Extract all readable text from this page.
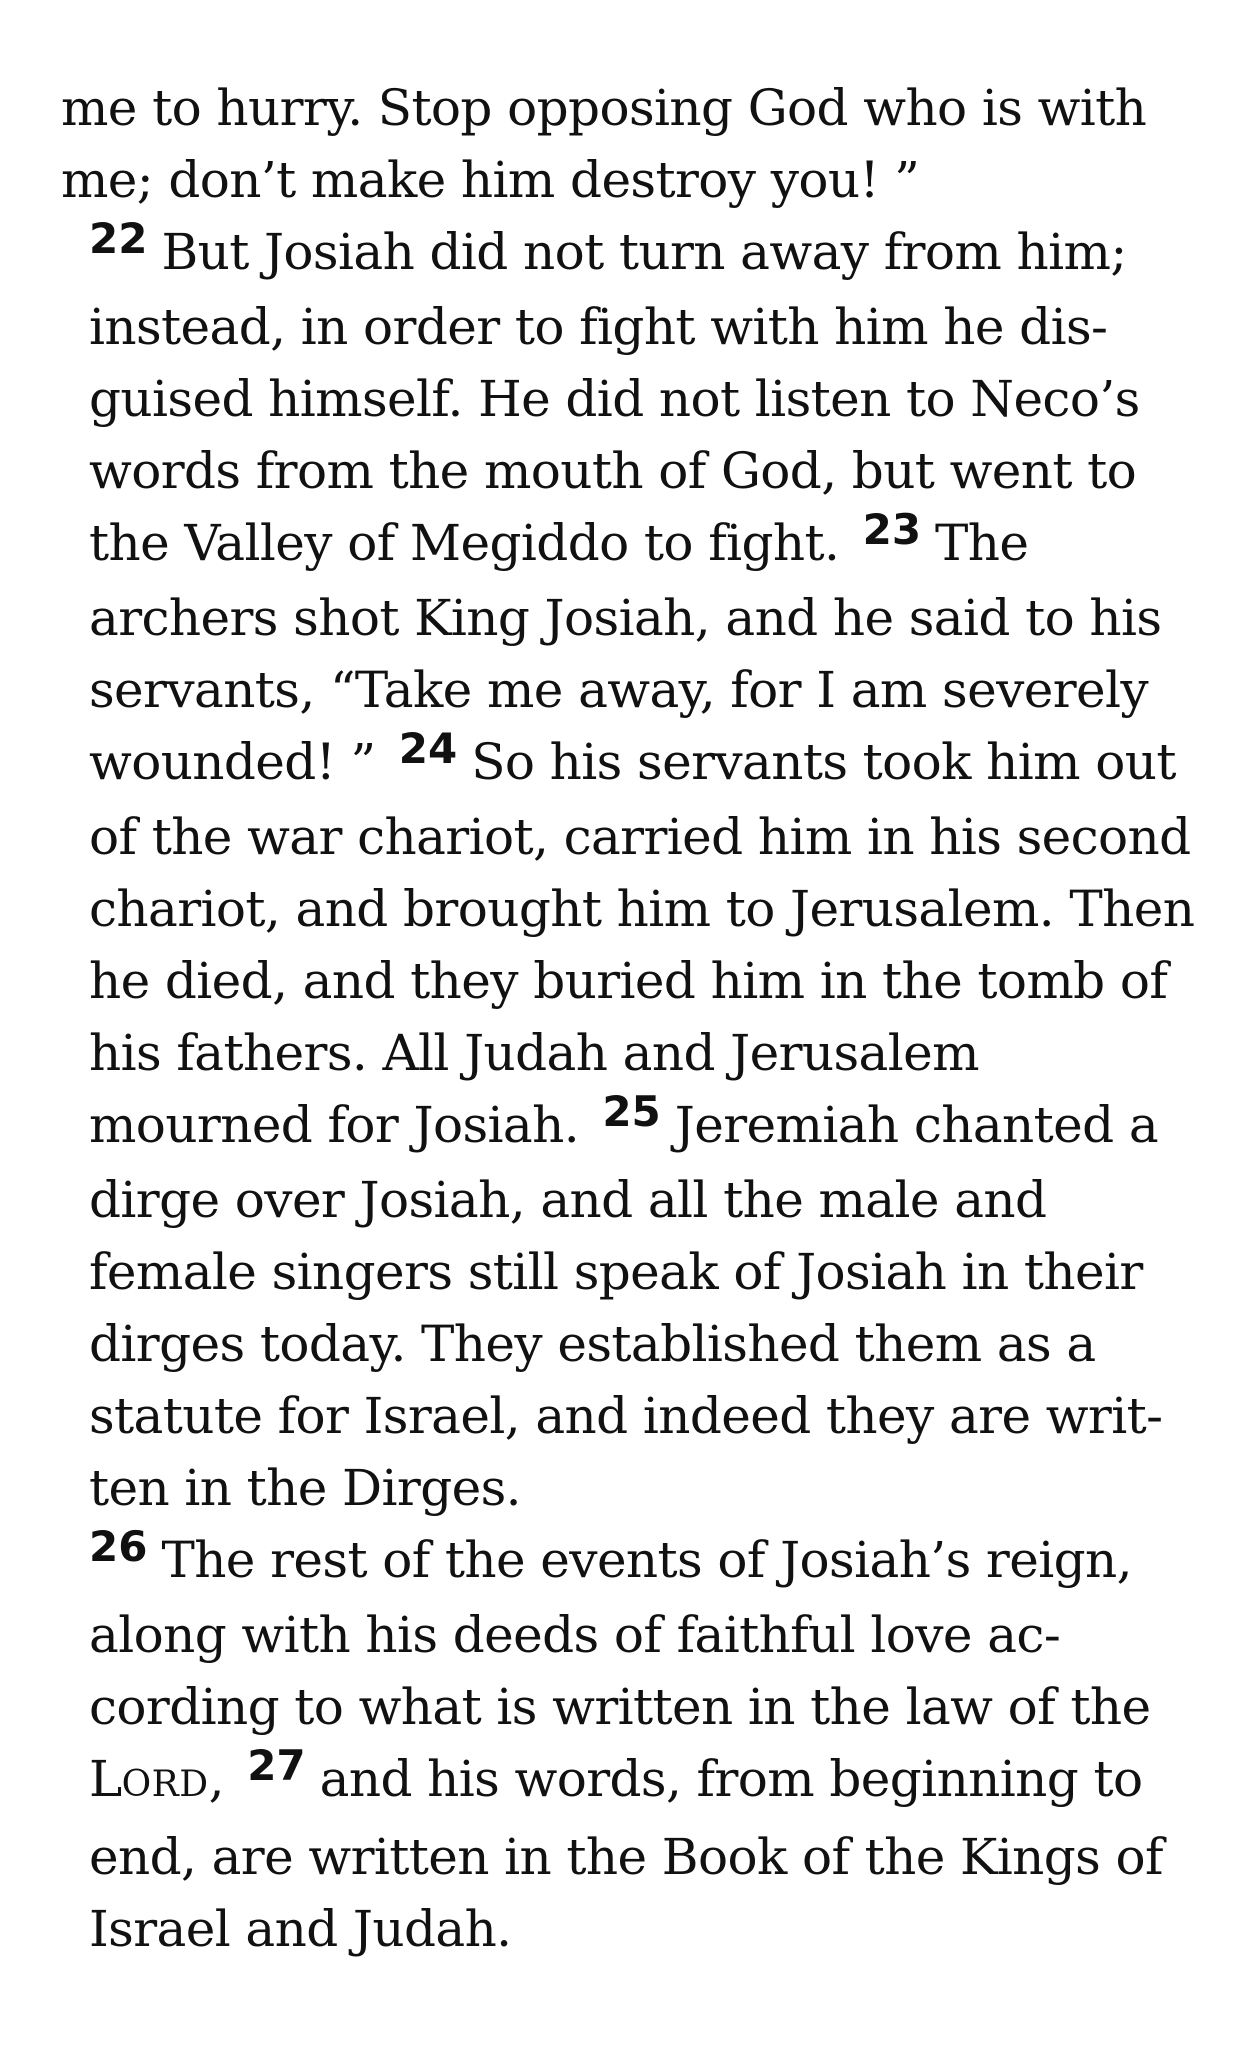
me to hurry. Stop opposing God who is with me; don’t make him destroy you! ”

$^{22}$ But Josiah did not turn away from him; instead, in order to fight with him he disguised himself. He did not listen to Neco’s words from the mouth of God, but went to the Valley of Megiddo to fight. $^{23}$ The archers shot King Josiah, and he said to his servants, “Take me away, for I am severely wounded! ” $^{24}$ So his servants took him out of the war chariot, carried him in his second chariot, and brought him to Jerusalem. Then he died, and they buried him in the tomb of his fathers. All Judah and Jerusalem mourned for Josiah. $^{25}$ Jeremiah chanted a dirge over Josiah, and all the male and female singers still speak of Josiah in their dirges today. They established them as a statute for Israel, and indeed they are written in the Dirges.

$^{26}$ The rest of the events of Josiah’s reign, along with his deeds of faithful love according to what is written in the law of the LORD, $^{27}$ and his words, from beginning to end, are written in the Book of the Kings of Israel and Judah.
